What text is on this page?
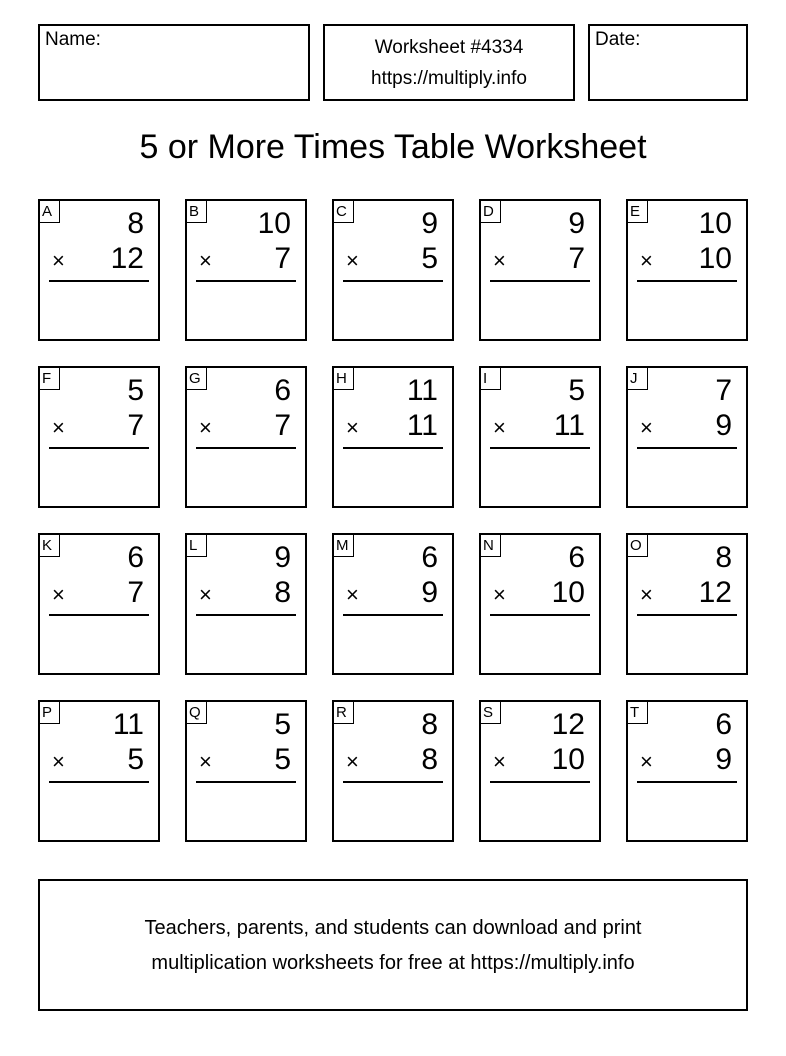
Name:	Worksheet #4334
https://multiply.info
Date:
5 or More Times Table Worksheet
A	8
× 12
B 10
× 7
C 9
× 5
D 9
× 7
E 10
× 10
F	5
× 7
G 6
× 7
H 11
× 11
I	5
× 11
J	7
× 9
K	6
× 7
L	9
× 8
M 6
× 9
N 6
× 10
O 8
× 12
P 11
× 5
Q 5
× 5
R 8
× 8
S 12
× 10
T	6
× 9
Teachers, parents, and students can download and print
multiplication worksheets for free at https://multiply.info
